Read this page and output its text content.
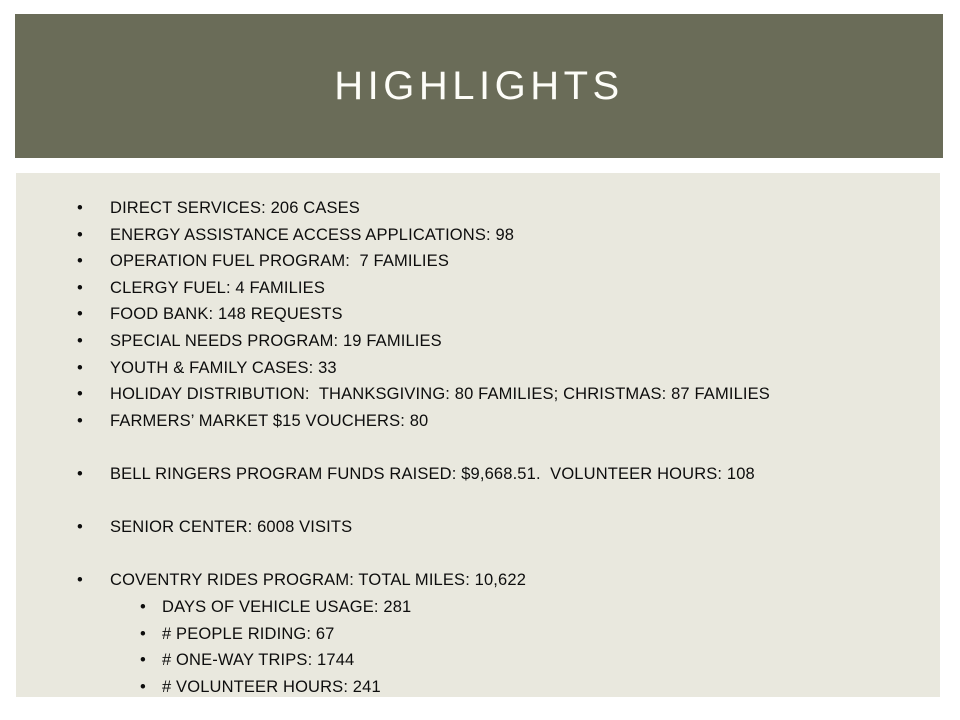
HIGHLIGHTS
•	DIRECT SERVICES: 206 CASES
•	ENERGY ASSISTANCE ACCESS APPLICATIONS: 98
•	OPERATION FUEL PROGRAM:  7 FAMILIES
•	CLERGY FUEL: 4 FAMILIES
•	FOOD BANK: 148 REQUESTS
•	SPECIAL NEEDS PROGRAM: 19 FAMILIES
•	YOUTH & FAMILY CASES: 33
•	HOLIDAY DISTRIBUTION:  THANKSGIVING: 80 FAMILIES; CHRISTMAS: 87 FAMILIES
•	FARMERS’ MARKET $15 VOUCHERS: 80
•	BELL RINGERS PROGRAM FUNDS RAISED: $9,668.51.  VOLUNTEER HOURS: 108
•	SENIOR CENTER: 6008 VISITS
•	COVENTRY RIDES PROGRAM: TOTAL MILES: 10,622
• DAYS OF VEHICLE USAGE: 281
• # PEOPLE RIDING: 67
• # ONE-WAY TRIPS: 1744
• # VOLUNTEER HOURS: 241
